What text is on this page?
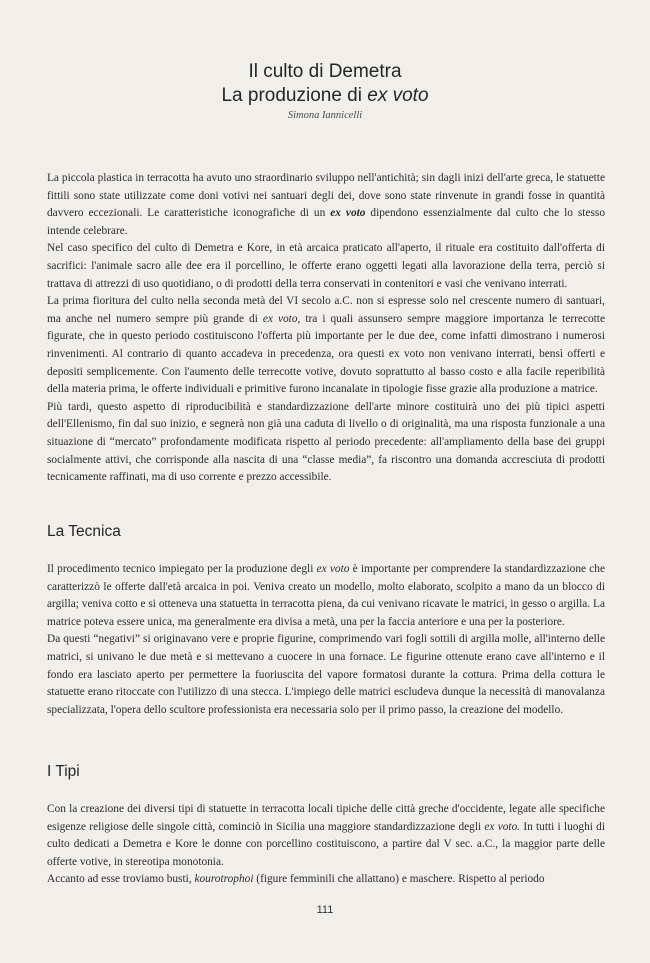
Il culto di Demetra
La produzione di ex voto
Simona Iannicelli

La piccola plastica in terracotta ha avuto uno straordinario sviluppo nell'antichità; sin dagli inizi dell'arte greca, le statuette fittili sono state utilizzate come doni votivi nei santuari degli dei, dove sono state rinvenute in grandi fosse in quantità davvero eccezionali. Le caratteristiche iconografiche di un ex voto dipendono essenzialmente dal culto che lo stesso intende celebrare.

Nel caso specifico del culto di Demetra e Kore, in età arcaica praticato all'aperto, il rituale era costituito dall'offerta di sacrifici: l'animale sacro alle dee era il porcellino, le offerte erano oggetti legati alla lavorazione della terra, perciò si trattava di attrezzi di uso quotidiano, o di prodotti della terra conservati in contenitori e vasi che venivano interrati.

La prima fioritura del culto nella seconda metà del VI secolo a.C. non si espresse solo nel crescente numero di santuari, ma anche nel numero sempre più grande di ex voto, tra i quali assunsero sempre maggiore importanza le terrecotte figurate, che in questo periodo costituiscono l'offerta più importante per le due dee, come infatti dimostrano i numerosi rinvenimenti. Al contrario di quanto accadeva in precedenza, ora questi ex voto non venivano interrati, bensì offerti e depositi semplicemente. Con l'aumento delle terrecotte votive, dovuto soprattutto al basso costo e alla facile reperibilità della materia prima, le offerte individuali e primitive furono incanalate in tipologie fisse grazie alla produzione a matrice.

Più tardi, questo aspetto di riproducibilità e standardizzazione dell'arte minore costituirà uno dei più tipici aspetti dell'Ellenismo, fin dal suo inizio, e segnerà non già una caduta di livello o di originalità, ma una risposta funzionale a una situazione di “mercato” profondamente modificata rispetto al periodo precedente: all'ampliamento della base dei gruppi socialmente attivi, che corrisponde alla nascita di una “classe media”, fa riscontro una domanda accresciuta di prodotti tecnicamente raffinati, ma di uso corrente e prezzo accessibile.

La Tecnica

Il procedimento tecnico impiegato per la produzione degli ex voto è importante per comprendere la standardizzazione che caratterizzò le offerte dall'età arcaica in poi. Veniva creato un modello, molto elaborato, scolpito a mano da un blocco di argilla; veniva cotto e si otteneva una statuetta in terracotta piena, da cui venivano ricavate le matrici, in gesso o argilla. La matrice poteva essere unica, ma generalmente era divisa a metà, una per la faccia anteriore e una per la posteriore.

Da questi “negativi” si originavano vere e proprie figurine, comprimendo vari fogli sottili di argilla molle, all'interno delle matrici, si univano le due metà e si mettevano a cuocere in una fornace. Le figurine ottenute erano cave all'interno e il fondo era lasciato aperto per permettere la fuoriuscita del vapore formatosi durante la cottura. Prima della cottura le statuette erano ritoccate con l'utilizzo di una stecca. L'impiego delle matrici escludeva dunque la necessità di manovalanza specializzata, l'opera dello scultore professionista era necessaria solo per il primo passo, la creazione del modello.

I Tipi

Con la creazione dei diversi tipi di statuette in terracotta locali tipiche delle città greche d'occidente, legate alle specifiche esigenze religiose delle singole città, cominciò in Sicilia una maggiore standardizzazione degli ex voto. In tutti i luoghi di culto dedicati a Demetra e Kore le donne con porcellino costituiscono, a partire dal V sec. a.C., la maggior parte delle offerte votive, in stereotipa monotonia.

Accanto ad esse troviamo busti, kourotrophoi (figure femminili che allattano) e maschere. Rispetto al periodo

111
